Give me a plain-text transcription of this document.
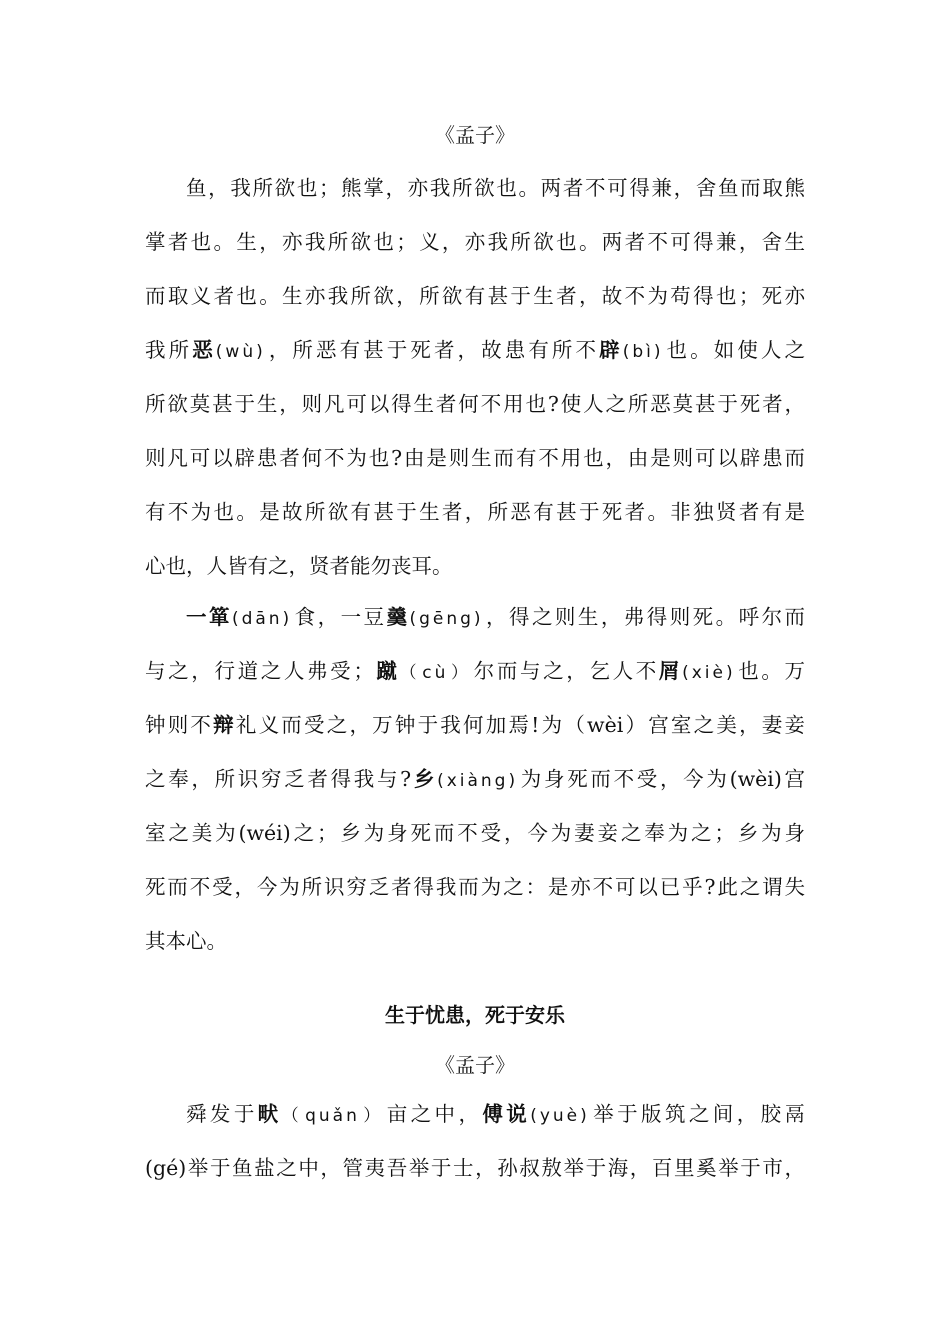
《孟子》
鱼，我所欲也；熊掌，亦我所欲也。两者不可得兼，舍鱼而取熊
掌者也。生，亦我所欲也；义，亦我所欲也。两者不可得兼，舍生
而取义者也。生亦我所欲，所欲有甚于生者，故不为苟得也；死亦
我所恶(wù)，所恶有甚于死者，故患有所不辟(bì)也。如使人之
所欲莫甚于生，则凡可以得生者何不用也?使人之所恶莫甚于死者，
则凡可以辟患者何不为也?由是则生而有不用也，由是则可以辟患而
有不为也。是故所欲有甚于生者，所恶有甚于死者。非独贤者有是
心也，人皆有之，贤者能勿丧耳。
一箪(dān)食，一豆羹(gēng)，得之则生，弗得则死。呼尔而
与之，行道之人弗受；蹴（cù）尔而与之，乞人不屑(xiè)也。万
钟则不辩礼义而受之，万钟于我何加焉!为（wèi）宫室之美，妻妾
之奉，所识穷乏者得我与?乡(xiàng)为身死而不受，今为(wèi)宫
室之美为(wéi)之；乡为身死而不受，今为妻妾之奉为之；乡为身
死而不受，今为所识穷乏者得我而为之：是亦不可以已乎?此之谓失
其本心。
生于忧患，死于安乐
《孟子》
舜发于畎（quǎn）亩之中，傅说(yuè)举于版筑之间，胶鬲
(gé)举于鱼盐之中，管夷吾举于士，孙叔敖举于海，百里奚举于市，
